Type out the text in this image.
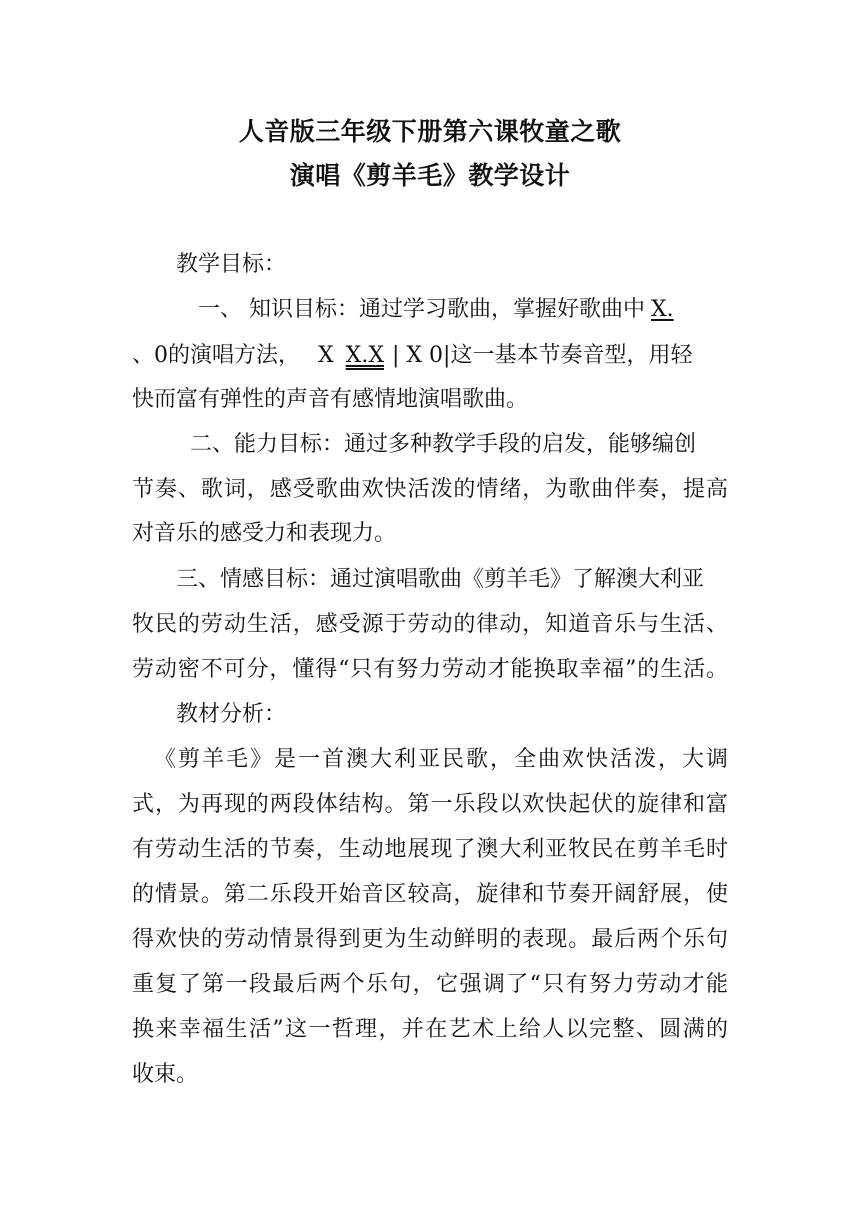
人音版三年级下册第六课牧童之歌
演唱《剪羊毛》教学设计
教学目标：
一、 知识目标：通过学习歌曲，掌握好歌曲中 X.
、0的演唱方法， X X.X | X 0|这一基本节奏音型，用轻
快而富有弹性的声音有感情地演唱歌曲。
二、能力目标：通过多种教学手段的启发，能够编创
节奏、歌词，感受歌曲欢快活泼的情绪，为歌曲伴奏，提高
对音乐的感受力和表现力。
三、情感目标：通过演唱歌曲《剪羊毛》了解澳大利亚
牧民的劳动生活，感受源于劳动的律动，知道音乐与生活、
劳动密不可分，懂得“只有努力劳动才能换取幸福”的生活。
教材分析：
《剪羊毛》是一首澳大利亚民歌，全曲欢快活泼，大调
式，为再现的两段体结构。第一乐段以欢快起伏的旋律和富
有劳动生活的节奏，生动地展现了澳大利亚牧民在剪羊毛时
的情景。第二乐段开始音区较高，旋律和节奏开阔舒展，使
得欢快的劳动情景得到更为生动鲜明的表现。最后两个乐句
重复了第一段最后两个乐句，它强调了“只有努力劳动才能
换来幸福生活”这一哲理，并在艺术上给人以完整、圆满的
收束。
